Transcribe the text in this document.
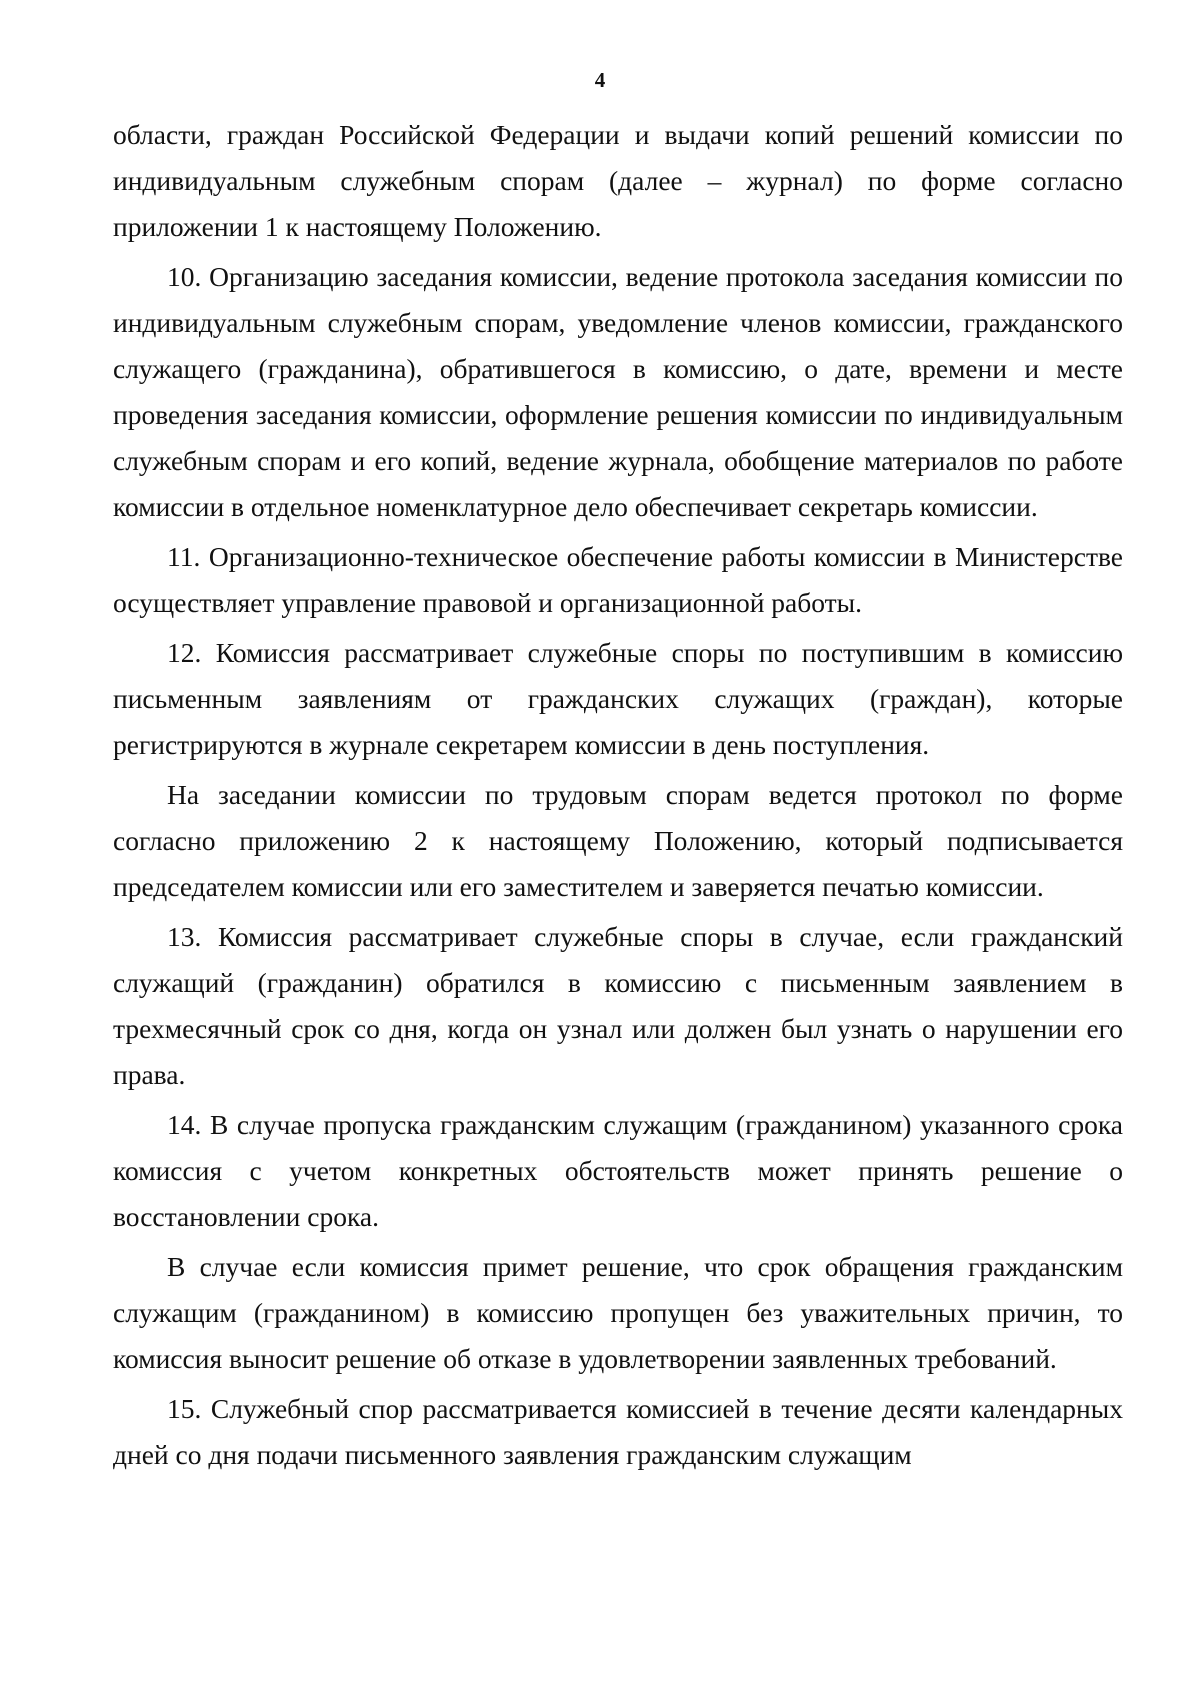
4

области, граждан Российской Федерации и выдачи копий решений комиссии по индивидуальным служебным спорам (далее – журнал) по форме согласно приложении 1 к настоящему Положению.

10. Организацию заседания комиссии, ведение протокола заседания комиссии по индивидуальным служебным спорам, уведомление членов комиссии, гражданского служащего (гражданина), обратившегося в комиссию, о дате, времени и месте проведения заседания комиссии, оформление решения комиссии по индивидуальным служебным спорам и его копий, ведение журнала, обобщение материалов по работе комиссии в отдельное номенклатурное дело обеспечивает секретарь комиссии.

11. Организационно-техническое обеспечение работы комиссии в Министерстве осуществляет управление правовой и организационной работы.

12. Комиссия рассматривает служебные споры по поступившим в комиссию письменным заявлениям от гражданских служащих (граждан), которые регистрируются в журнале секретарем комиссии в день поступления.

На заседании комиссии по трудовым спорам ведется протокол по форме согласно приложению 2 к настоящему Положению, который подписывается председателем комиссии или его заместителем и заверяется печатью комиссии.

13. Комиссия рассматривает служебные споры в случае, если гражданский служащий (гражданин) обратился в комиссию с письменным заявлением в трехмесячный срок со дня, когда он узнал или должен был узнать о нарушении его права.

14. В случае пропуска гражданским служащим (гражданином) указанного срока комиссия с учетом конкретных обстоятельств может принять решение о восстановлении срока.

В случае если комиссия примет решение, что срок обращения гражданским служащим (гражданином) в комиссию пропущен без уважительных причин, то комиссия выносит решение об отказе в удовлетворении заявленных требований.

15. Служебный спор рассматривается комиссией в течение десяти календарных дней со дня подачи письменного заявления гражданским служащим
